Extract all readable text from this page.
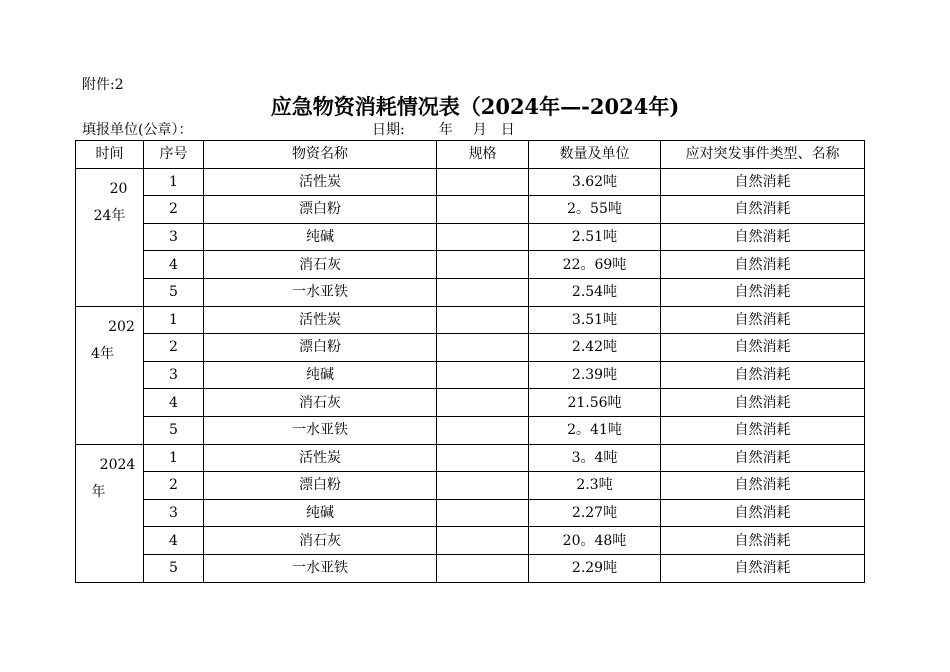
附件:2
应急物资消耗情况表（2024年—-2024年)
填报单位(公章）：	日期: 年 月 日
时间	序号	物资名称	规格	数量及单位	应对突发事件类型、名称

20
24年	1	活性炭		3.62吨	自然消耗
	2	漂白粉		2。55吨	自然消耗
	3	纯碱		2.51吨	自然消耗
	4	消石灰		22。69吨	自然消耗
	5	一水亚铁		2.54吨	自然消耗

202
4年	1	活性炭		3.51吨	自然消耗
	2	漂白粉		2.42吨	自然消耗
	3	纯碱		2.39吨	自然消耗
	4	消石灰		21.56吨	自然消耗
	5	一水亚铁		2。41吨	自然消耗

2024
年	1	活性炭		3。4吨	自然消耗
	2	漂白粉		2.3吨	自然消耗
	3	纯碱		2.27吨	自然消耗
	4	消石灰		20。48吨	自然消耗
	5	一水亚铁		2.29吨	自然消耗
